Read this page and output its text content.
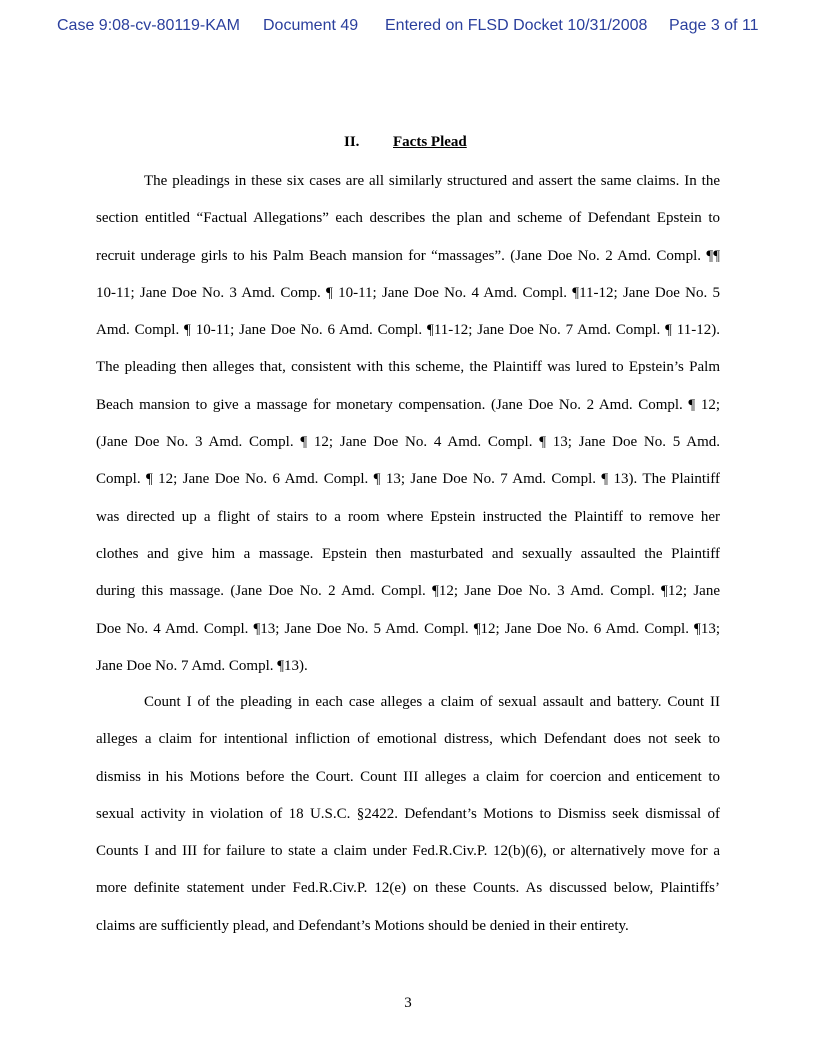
Case 9:08-cv-80119-KAM Document 49 Entered on FLSD Docket 10/31/2008 Page 3 of 11
II. Facts Plead
The pleadings in these six cases are all similarly structured and assert the same claims. In the
section entitled “Factual Allegations” each describes the plan and scheme of Defendant Epstein to
recruit underage girls to his Palm Beach mansion for “massages”. (Jane Doe No. 2 Amd. Compl. ¶¶
10-11; Jane Doe No. 3 Amd. Comp. ¶ 10-11; Jane Doe No. 4 Amd. Compl. ¶11-12; Jane Doe No. 5
Amd. Compl. ¶ 10-11; Jane Doe No. 6 Amd. Compl. ¶11-12; Jane Doe No. 7 Amd. Compl. ¶ 11-12).
The pleading then alleges that, consistent with this scheme, the Plaintiff was lured to Epstein’s Palm
Beach mansion to give a massage for monetary compensation. (Jane Doe No. 2 Amd. Compl. ¶ 12;
(Jane Doe No. 3 Amd. Compl. ¶ 12; Jane Doe No. 4 Amd. Compl. ¶ 13; Jane Doe No. 5 Amd.
Compl. ¶ 12; Jane Doe No. 6 Amd. Compl. ¶ 13; Jane Doe No. 7 Amd. Compl. ¶ 13). The Plaintiff
was directed up a flight of stairs to a room where Epstein instructed the Plaintiff to remove her
clothes and give him a massage. Epstein then masturbated and sexually assaulted the Plaintiff
during this massage. (Jane Doe No. 2 Amd. Compl. ¶12; Jane Doe No. 3 Amd. Compl. ¶12; Jane
Doe No. 4 Amd. Compl. ¶13; Jane Doe No. 5 Amd. Compl. ¶12; Jane Doe No. 6 Amd. Compl. ¶13;
Jane Doe No. 7 Amd. Compl. ¶13).
Count I of the pleading in each case alleges a claim of sexual assault and battery. Count II
alleges a claim for intentional infliction of emotional distress, which Defendant does not seek to
dismiss in his Motions before the Court. Count III alleges a claim for coercion and enticement to
sexual activity in violation of 18 U.S.C. §2422. Defendant’s Motions to Dismiss seek dismissal of
Counts I and III for failure to state a claim under Fed.R.Civ.P. 12(b)(6), or alternatively move for a
more definite statement under Fed.R.Civ.P. 12(e) on these Counts. As discussed below, Plaintiffs’
claims are sufficiently plead, and Defendant’s Motions should be denied in their entirety.
3
